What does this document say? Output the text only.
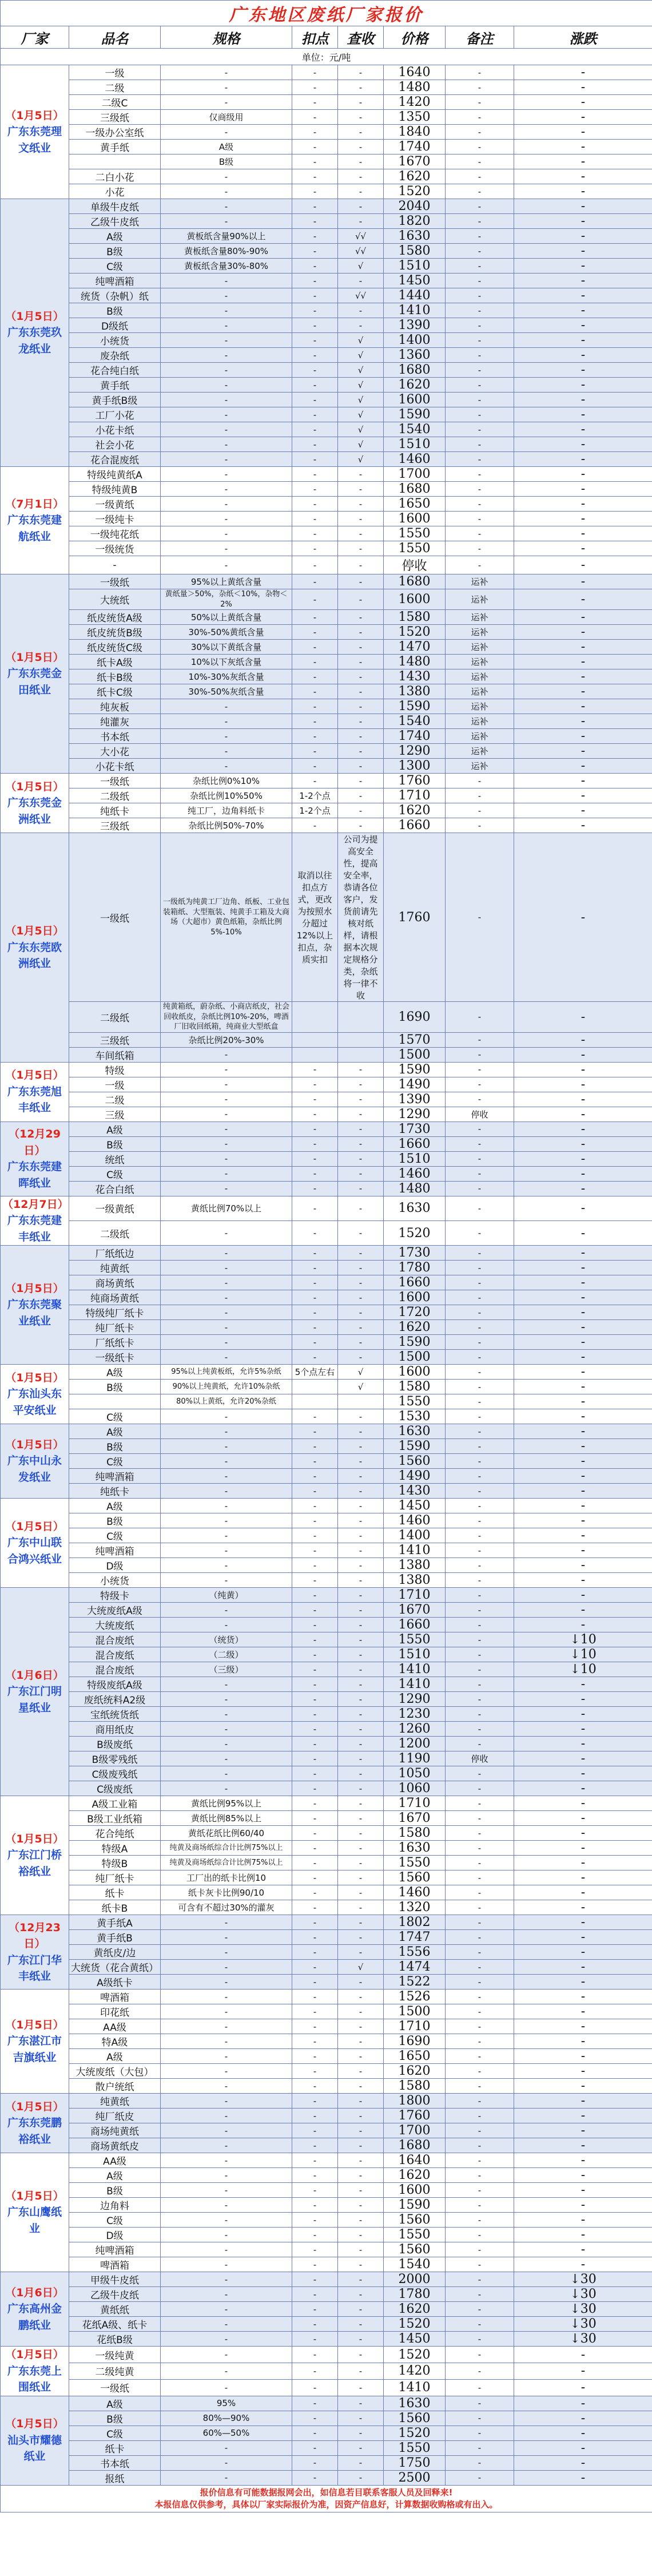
广东地区废纸厂家报价							
厂家	品名	规格	扣点	查收	价格	备注	涨跌
单位：元/吨							

（1月5日）
广东东莞理文纸业	一级	-	-	-	1640	-	-
	二级	-	-	-	1480	-	-
	二级C	-	-	-	1420	-	-
	三级纸	仅商级用	-	-	1350	-	-
	一级办公室纸	-	-	-	1840	-	-
	黄手纸	A级	-	-	1740	-	-
		B级	-	-	1670	-	-
	二白小花	-	-	-	1620	-	-
	小花	-	-	-	1520	-	-

（1月5日）
广东东莞玖龙纸业	单级牛皮纸	-	-	-	2040	-	-
	乙级牛皮纸	-	-	-	1820	-	-
	A级	黄板纸含量90%以上	-	√√	1630	-	-
	B级	黄板纸含量80%-90%	-	√√	1580	-	-
	C级	黄板纸含量30%-80%	-	√	1510	-	-
	纯啤酒箱	-	-	-	1450	-	-
	统货（杂帆）纸	-	-	√√	1440	-	-
	B级	-	-	-	1410	-	-
	D级纸	-	-	-	1390	-	-
	小统货	-	-	√	1400	-	-
	废杂纸	-	-	√	1360	-	-
	花合纯白纸	-	-	√	1680	-	-
	黄手纸	-	-	√	1620	-	-
	黄手纸B级	-	-	√	1600	-	-
	工厂小花	-	-	√	1590	-	-
	小花卡纸	-	-	√	1540	-	-
	社会小花	-	-	√	1510	-	-
	花合混废纸	-	-	√	1460	-	-

（7月1日）
广东东莞建航纸业	特级纯黄纸A	-	-	-	1700	-	-
	特级纯黄B	-	-	-	1680	-	-
	一级黄纸	-	-	-	1650	-	-
	一级纯卡	-	-	-	1600	-	-
	一级纯花纸	-	-	-	1550	-	-
	一级统货	-	-	-	1550	-	-
	-	-	-	-	停收	-	-

（1月5日）
广东东莞金田纸业	一级纸	95%以上黄纸含量	-	-	1680	运补	-
	大统纸	黄纸量＞50%，杂纸＜10%，杂物＜2%	-	-	1600	运补	-
	纸皮统货A级	50%以上黄纸含量	-	-	1580	运补	-
	纸皮统货B级	30%-50%黄纸含量	-	-	1520	运补	-
	纸皮统货C级	30%以下黄纸含量	-	-	1470	运补	-
	纸卡A级	10%以下灰纸含量	-	-	1480	运补	-
	纸卡B级	10%-30%灰纸含量	-	-	1430	运补	-
	纸卡C级	30%-50%灰纸含量	-	-	1380	运补	-
	纯灰板	-	-	-	1590	运补	-
	纯灌灰	-	-	-	1540	运补	-
	书本纸	-	-	-	1740	运补	-
	大小花	-	-	-	1290	运补	-
	小花卡纸	-	-	-	1300	运补	-

（1月5日）
广东东莞金洲纸业	一级纸	杂纸比例0%10%	-	-	1760	-	-
	二级纸	杂纸比例10%50%	1-2个点	-	1710	-	-
	纯纸卡	纯工厂，边角料纸卡	1-2个点	-	1620	-	-
	三级纸	杂纸比例50%-70%	-	-	1660	-	-

（1月5日）
广东东莞欧洲纸业	一级纸	一级纸为纯黄工厂边角、纸板、工业包装箱纸、大型瓶装、纯黄手工箱及大商场（大超市）黄色纸箱，杂纸比例5%-10%	取消以往扣点方式，更改为按照水分超过12%以上扣点，杂质实扣	公司为提高安全性，提高安全率，恭请各位客户，发货前请先核对纸样，请根据本次规定规格分类，杂纸将一律不收	1760	-	-
	二级纸	纯黄箱纸，蔚杂纸、小商店纸皮，社会回收纸皮，杂纸比例10%-20%，啤酒厂旧收回纸箱，纯商业大型纸盒			1690	-	-
	三级纸	杂纸比例20%-30%			1570	-	-
	车间纸箱	-			1500	-	-

（1月5日）
广东东莞旭丰纸业	特级	-	-	-	1590	-	-
	一级	-	-	-	1490	-	-
	二级	-	-	-	1390	-	-
	三级	-	-	-	1290	停收	-

（12月29日）
广东东莞建晖纸业	A级	-	-	-	1730	-	-
	B级	-	-	-	1660	-	-
	统纸	-	-	-	1510	-	-
	C级	-	-	-	1460	-	-
	花合白纸	-	-	-	1480	-	-

（12月7日）
广东东莞建丰纸业	一级黄纸	黄纸比例70%以上	-	-	1630	-	-
	二级纸	-	-	-	1520	-	-

（1月5日）
广东东莞聚业纸业	厂纸纸边	-	-	-	1730	-	-
	纯黄纸	-	-	-	1780	-	-
	商场黄纸	-	-	-	1660	-	-
	纯商场黄纸	-	-	-	1600	-	-
	特级纯厂纸卡	-	-	-	1720	-	-
	纯厂纸卡	-	-	-	1620	-	-
	厂纸纸卡	-	-	-	1590	-	-
	一级纸卡	-	-	-	1500	-	-

（1月5日）
广东汕头东平安纸业	A级	95%以上纯黄板纸，允许5%杂纸	5个点左右	√	1600	-	-
	B级	90%以上纯黄纸，允许10%杂纸		√	1580	-	-
		80%以上黄纸，允许20%杂纸			1550	-	-
	C级	-	-	-	1530	-	-

（1月5日）
广东中山永发纸业	A级	-	-	-	1630	-	-
	B级	-	-	-	1590	-	-
	C级	-	-	-	1560	-	-
	纯啤酒箱	-	-	-	1490	-	-
	纯纸卡	-	-	-	1430	-	-

（1月5日）
广东中山联合鸿兴纸业	A级	-	-	-	1450	-	-
	B级	-	-	-	1460	-	-
	C级	-	-	-	1400	-	-
	纯啤酒箱	-	-	-	1410	-	-
	D级	-	-	-	1380	-	-
	小统货	-	-	-	1380	-	-

（1月6日）
广东江门明星纸业	特级卡	（纯黄）	-	-	1710	-	-
	大统废纸A级	-	-	-	1670	-	-
	大统废纸	-	-	-	1660	-	-
	混合废纸	（统货）	-	-	1550	-	↓10
	混合废纸	（二级）	-	-	1510	-	↓10
	混合废纸	（三级）	-	-	1410	-	↓10
	特级废纸A级	-	-	-	1410	-	-
	废纸统料A2级	-	-	-	1290	-	-
	宝纸统货纸	-	-	-	1230	-	-
	商用纸皮	-	-	-	1260	-	-
	B级废纸	-	-	-	1200	-	-
	B级零残纸	-	-	-	1190	停收	-
	C级废残纸	-	-	-	1050	-	-
	C级废纸	-	-	-	1060	-	-

（1月5日）
广东江门桥裕纸业	A级工业箱	黄纸比例95%以上	-	-	1710	-	-
	B级工业纸箱	黄纸比例85%以上	-	-	1670	-	-
	花合纯纸	黄纸花纸比例60/40	-	-	1580	-	-
	特级A	纯黄及商场纸综合计比例75%以上	-	-	1630	-	-
	特级B	纯黄及商场纸综合计比例75%以上	-	-	1550	-	-
	纯厂纸卡	工厂出的纸卡比例10	-	-	1560	-	-
	纸卡	纸卡灰卡比例90/10	-	-	1460	-	-
	纸卡B	可含有不超过30%的灌灰	-	-	1320	-	-

（12月23日）
广东江门华丰纸业	黄手纸A	-	-	-	1802	-	-
	黄手纸B	-	-	-	1747	-	-
	黄纸皮/边	-	-	-	1556	-	-
	大统货（花合黄纸）	-	-	√	1474	-	-
	A级纸卡	-	-	-	1522	-	-

（1月5日）
广东湛江市吉旗纸业	啤酒箱	-	-	-	1526	-	-
	印花纸	-	-	-	1500	-	-
	AA级	-	-	-	1710	-	-
	特A级	-	-	-	1690	-	-
	A级	-	-	-	1650	-	-
	大统废纸（大包）	-	-	-	1620	-	-
	散户统纸	-	-	-	1580	-	-

（1月5日）
广东东莞鹏裕纸业	纯黄纸	-	-	-	1800	-	-
	纯厂纸皮	-	-	-	1760	-	-
	商场纯黄纸	-	-	-	1700	-	-
	商场黄纸皮	-	-	-	1680	-	-

（1月5日）
广东山鹰纸业	AA级	-	-	-	1640	-	-
	A级	-	-	-	1620	-	-
	B级	-	-	-	1600	-	-
	边角料	-	-	-	1590	-	-
	C级	-	-	-	1560	-	-
	D级	-	-	-	1550	-	-
	纯啤酒箱	-	-	-	1560	-	-
	啤酒箱	-	-	-	1540	-	-

（1月6日）
广东高州金鹏纸业	甲级牛皮纸	-	-	-	2000	-	↓30
	乙级牛皮纸	-	-	-	1780	-	↓30
	黄纸纸	-	-	-	1620	-	↓30
	花纸A级、纸卡	-	-	-	1520	-	↓30
	花纸B级	-	-	-	1450	-	↓30

（1月5日）
广东东莞上围纸业	一级纯黄	-	-	-	1520	-	-
	二级纯黄	-	-	-	1420	-	-
	一级纸	-	-	-	1410	-	-

（1月5日）
汕头市耀德纸业	A级	95%	-	-	1630	-	-
	B级	80%—90%	-	-	1560	-	-
	C级	60%—50%	-	-	1520	-	-
	纸卡	-	-	-	1550	-	-
	书本纸	-	-	-	1750	-	-
	报纸	-	-	-	2500	-	-

报价信息有可能数据报网会出，如信息若目联系客服人员及回释来!
本报信息仅供参考，具体以厂家实际报价为准，因资产信息好，计算数据收购格或有出入。							
